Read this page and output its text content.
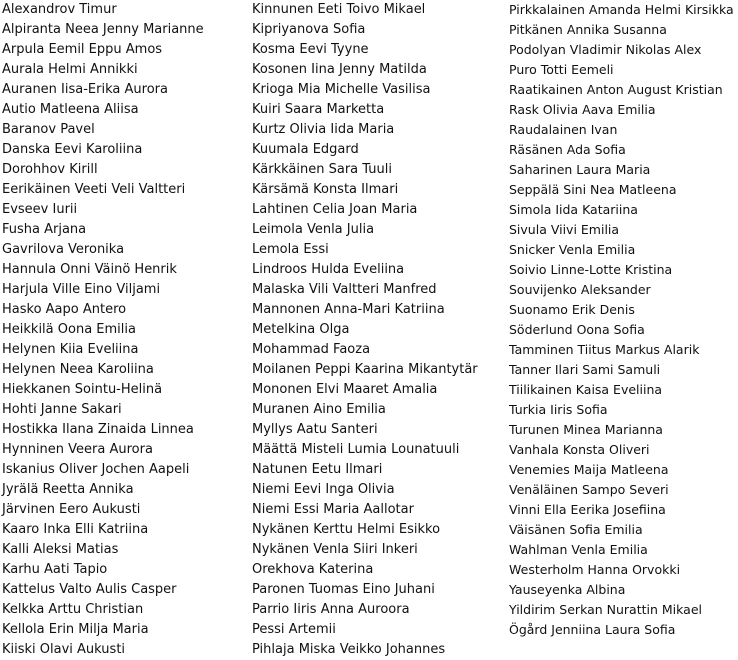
Alexandrov Timur
Alpiranta Neea Jenny Marianne
Arpula Eemil Eppu Amos
Aurala Helmi Annikki
Auranen Iisa-Erika Aurora
Autio Matleena Aliisa
Baranov Pavel
Danska Eevi Karoliina
Dorohhov Kirill
Eerikäinen Veeti Veli Valtteri
Evseev Iurii
Fusha Arjana
Gavrilova Veronika
Hannula Onni Väinö Henrik
Harjula Ville Eino Viljami
Hasko Aapo Antero
Heikkilä Oona Emilia
Helynen Kiia Eveliina
Helynen Neea Karoliina
Hiekkanen Sointu-Helinä
Hohti Janne Sakari
Hostikka Ilana Zinaida Linnea
Hynninen Veera Aurora
Iskanius Oliver Jochen Aapeli
Jyrälä Reetta Annika
Järvinen Eero Aukusti
Kaaro Inka Elli Katriina
Kalli Aleksi Matias
Karhu Aati Tapio
Kattelus Valto Aulis Casper
Kelkka Arttu Christian
Kellola Erin Milja Maria
Kiiski Olavi Aukusti
Kinnunen Eeti Toivo Mikael
Kipriyanova Sofia
Kosma Eevi Tyyne
Kosonen Iina Jenny Matilda
Krioga Mia Michelle Vasilisa
Kuiri Saara Marketta
Kurtz Olivia Iida Maria
Kuumala Edgard
Kärkkäinen Sara Tuuli
Kärsämä Konsta Ilmari
Lahtinen Celia Joan Maria
Leimola Venla Julia
Lemola Essi
Lindroos Hulda Eveliina
Malaska Vili Valtteri Manfred
Mannonen Anna-Mari Katriina
Metelkina Olga
Mohammad Faoza
Moilanen Peppi Kaarina Mikantytär
Mononen Elvi Maaret Amalia
Muranen Aino Emilia
Myllys Aatu Santeri
Määttä Misteli Lumia Lounatuuli
Natunen Eetu Ilmari
Niemi Eevi Inga Olivia
Niemi Essi Maria Aallotar
Nykänen Kerttu Helmi Esikko
Nykänen Venla Siiri Inkeri
Orekhova Katerina
Paronen Tuomas Eino Juhani
Parrio Iiris Anna Auroora
Pessi Artemii
Pihlaja Miska Veikko Johannes
Pirkkalainen Amanda Helmi Kirsikka
Pitkänen Annika Susanna
Podolyan Vladimir Nikolas Alex
Puro Totti Eemeli
Raatikainen Anton August Kristian
Rask Olivia Aava Emilia
Raudalainen Ivan
Räsänen Ada Sofia
Saharinen Laura Maria
Seppälä Sini Nea Matleena
Simola Iida Katariina
Sivula Viivi Emilia
Snicker Venla Emilia
Soivio Linne-Lotte Kristina
Souvijenko Aleksander
Suonamo Erik Denis
Söderlund Oona Sofia
Tamminen Tiitus Markus Alarik
Tanner Ilari Sami Samuli
Tiilikainen Kaisa Eveliina
Turkia Iiris Sofia
Turunen Minea Marianna
Vanhala Konsta Oliveri
Venemies Maija Matleena
Venäläinen Sampo Severi
Vinni Ella Eerika Josefiina
Väisänen Sofia Emilia
Wahlman Venla Emilia
Westerholm Hanna Orvokki
Yauseyenka Albina
Yildirim Serkan Nurattin Mikael
Ögård Jenniina Laura Sofia
